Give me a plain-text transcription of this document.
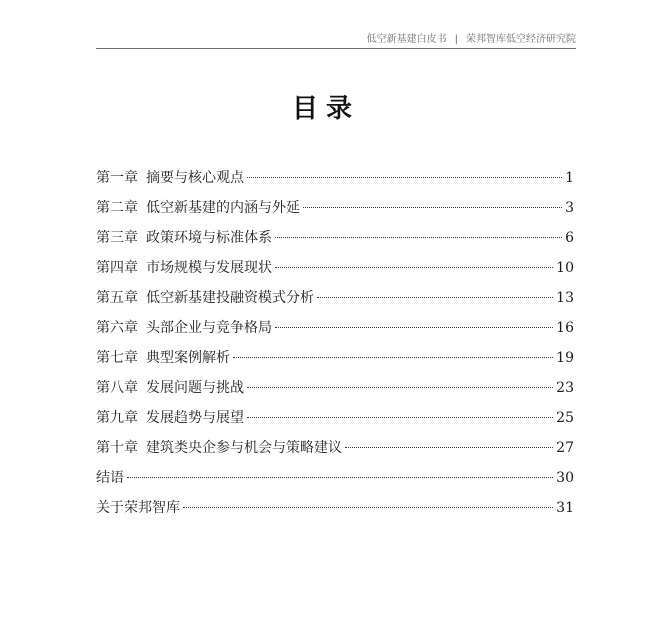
低空新基建白皮书 | 荣邦智库低空经济研究院
目录
第一章 摘要与核心观点	1
第二章 低空新基建的内涵与外延	3
第三章 政策环境与标准体系	6
第四章 市场规模与发展现状	10
第五章 低空新基建投融资模式分析	13
第六章 头部企业与竞争格局	16
第七章 典型案例解析	19
第八章 发展问题与挑战	23
第九章 发展趋势与展望	25
第十章 建筑类央企参与机会与策略建议	27
结语	30
关于荣邦智库	31
